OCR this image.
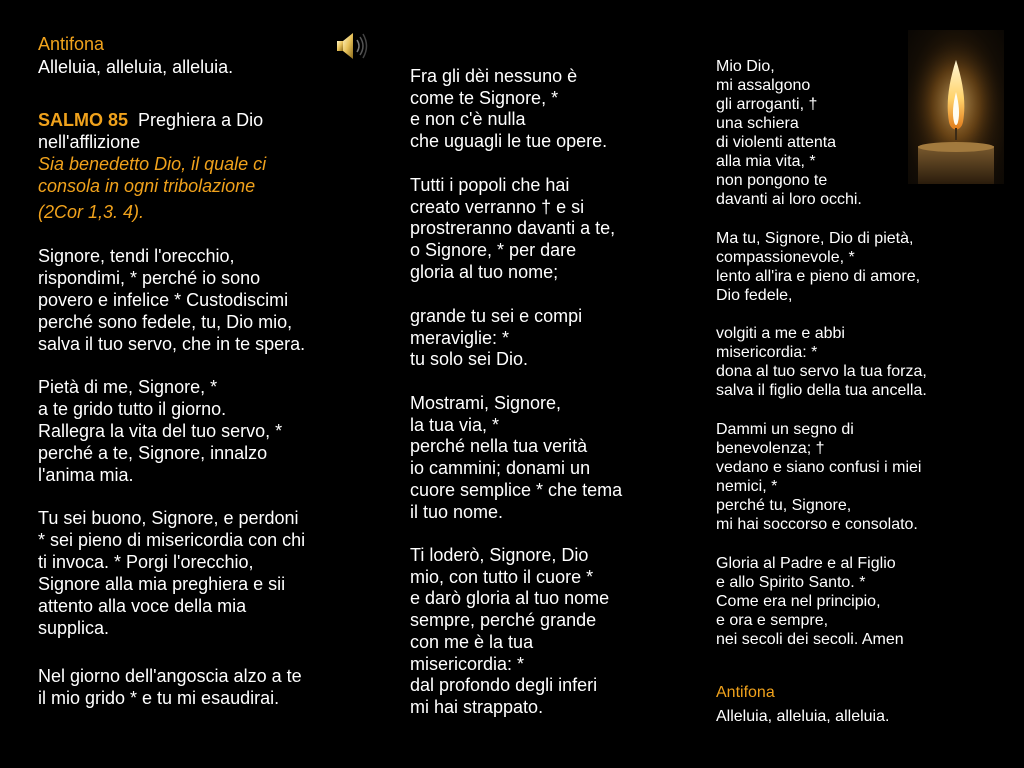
Antifona
Alleluia, alleluia, alleluia.
SALMO 85 Preghiera a Dio
nell'afflizione
Sia benedetto Dio, il quale ci
consola in ogni tribolazione
(2Cor 1,3. 4).
Signore, tendi l'orecchio,
rispondimi, * perché io sono
povero e infelice * Custodiscimi
perché sono fedele, tu, Dio mio,
salva il tuo servo, che in te spera.
Pietà di me, Signore, *
a te grido tutto il giorno.
Rallegra la vita del tuo servo, *
perché a te, Signore, innalzo
l'anima mia.
Tu sei buono, Signore, e perdoni
* sei pieno di misericordia con chi
ti invoca. * Porgi l'orecchio,
Signore alla mia preghiera e sii
attento alla voce della mia
supplica.
Nel giorno dell'angoscia alzo a te
il mio grido * e tu mi esaudirai.
Fra gli dèi nessuno è
come te Signore, *
e non c'è nulla
che uguagli le tue opere.
Tutti i popoli che hai
creato verranno † e si
prostreranno davanti a te,
o Signore, * per dare
gloria al tuo nome;
grande tu sei e compi
meraviglie: *
tu solo sei Dio.
Mostrami, Signore,
la tua via, *
perché nella tua verità
io cammini; donami un
cuore semplice * che tema
il tuo nome.
Ti loderò, Signore, Dio
mio, con tutto il cuore *
e darò gloria al tuo nome
sempre, perché grande
con me è la tua
misericordia: *
dal profondo degli inferi
mi hai strappato.
Mio Dio,
mi assalgono
gli arroganti, †
una schiera
di violenti attenta
alla mia vita, *
non pongono te
davanti ai loro occhi.
Ma tu, Signore, Dio di pietà,
compassionevole, *
lento all'ira e pieno di amore,
Dio fedele,
volgiti a me e abbi
misericordia: *
dona al tuo servo la tua forza,
salva il figlio della tua ancella.
Dammi un segno di
benevolenza; †
vedano e siano confusi i miei
nemici, *
perché tu, Signore,
mi hai soccorso e consolato.
Gloria al Padre e al Figlio
e allo Spirito Santo. *
Come era nel principio,
e ora e sempre,
nei secoli dei secoli. Amen
Antifona
Alleluia, alleluia, alleluia.
